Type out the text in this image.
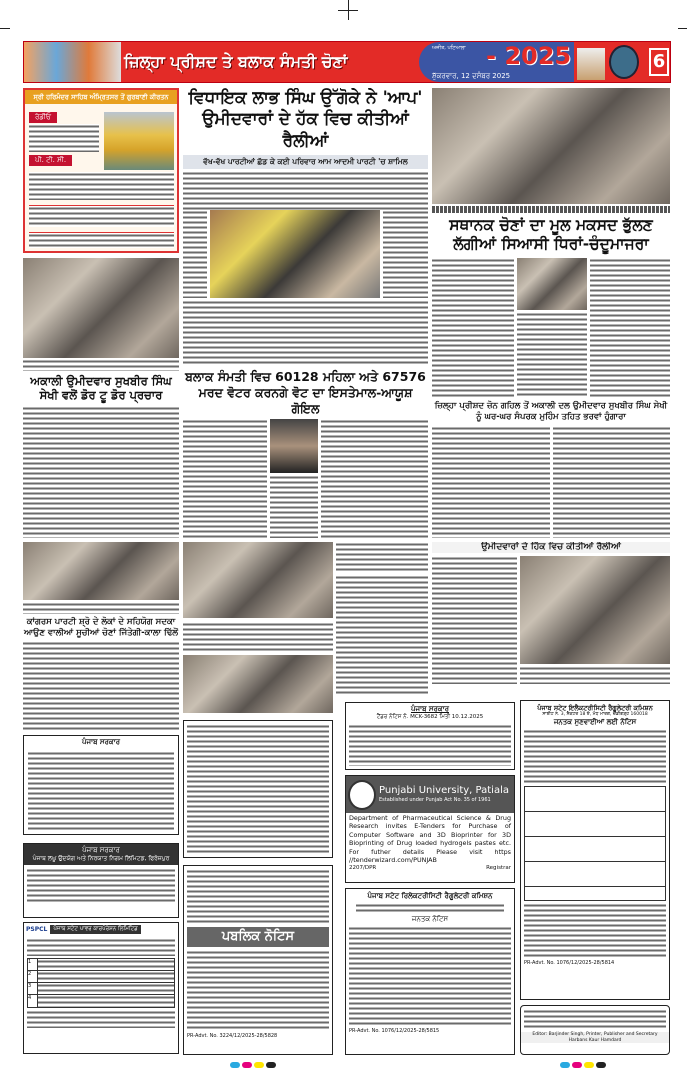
ਜ਼ਿਲ੍ਹਾ ਪ੍ਰੀਸ਼ਦ ਤੇ ਬਲਾਕ ਸੰਮਤੀ ਚੋਣਾਂ
ਅਜੀਤ, ਪਟਿਆਲਾ - 2025
ਸ਼ੁੱਕਰਵਾਰ, 12 ਦਸੰਬਰ 2025
6
ਸ੍ਰੀ ਹਰਿਮੰਦਰ ਸਾਹਿਬ ਅੰਮ੍ਰਿਤਸਰ ਤੋਂ ਗੁਰਬਾਣੀ ਕੀਰਤਨ
ਰੇਡੀਓ
ਪੀ. ਟੀ. ਸੀ.
ਅਕਾਲੀ ਉਮੀਦਵਾਰ ਸੁਖਬੀਰ ਸਿੰਘ ਸੇਖੀ ਵਲੋਂ ਡੋਰ ਟੂ ਡੋਰ ਪ੍ਰਚਾਰ
ਕਾਂਗਰਸ ਪਾਰਟੀ ਸ਼੍ਰੋ ਦੇ ਲੋਕਾਂ ਦੇ ਸਹਿਯੋਗ ਸਦਕਾ ਆਉਣ ਵਾਲੀਆਂ ਸੂਚੀਆਂ ਚੋਣਾਂ ਜਿੱਤੇਗੀ-ਕਾਲਾ ਢਿੱਲੋਂ
ਵਿਧਾਇਕ ਲਾਭ ਸਿੰਘ ਉੱਗੋਕੇ ਨੇ 'ਆਪ' ਉਮੀਦਵਾਰਾਂ ਦੇ ਹੱਕ ਵਿਚ ਕੀਤੀਆਂ ਰੈਲੀਆਂ
ਵੱਖ-ਵੱਖ ਪਾਰਟੀਆਂ ਛੱਡ ਕੇ ਕਈ ਪਰਿਵਾਰ ਆਮ ਆਦਮੀ ਪਾਰਟੀ 'ਚ ਸ਼ਾਮਿਲ
ਬਲਾਕ ਸੰਮਤੀ ਵਿਚ 60128 ਮਹਿਲਾ ਅਤੇ 67576 ਮਰਦ ਵੋਟਰ ਕਰਨਗੇ ਵੋਟ ਦਾ ਇਸਤੇਮਾਲ-ਆਯੂਸ਼ ਗੋਇਲ
ਸਥਾਨਕ ਚੋਣਾਂ ਦਾ ਮੂਲ ਮਕਸਦ ਭੁੱਲਣ ਲੱਗੀਆਂ ਸਿਆਸੀ ਧਿਰਾਂ-ਚੰਦੂਮਾਜਰਾ
ਜ਼ਿਲ੍ਹਾ ਪ੍ਰੀਸ਼ਦ ਜ਼ੋਨ ਗਹਿਲ ਤੋਂ ਅਕਾਲੀ ਦਲ ਉਮੀਦਵਾਰ ਸੁਖਬੀਰ ਸਿੰਘ ਸੇਖੀ ਨੂੰ ਘਰ-ਘਰ ਸੰਪਰਕ ਮੁਹਿੰਮ ਤਹਿਤ ਭਰਵਾਂ ਹੁੰਗਾਰਾ
ਉਮੀਦਵਾਰਾਂ ਦੇ ਹਿੱਕ ਵਿਚ ਕੀਤੀਆਂ ਰੈਲੀਆਂ
ਪੰਜਾਬ ਸਰਕਾਰ
ਪੰਜਾਬ ਸਰਕਾਰ
ਪੰਜਾਬ ਲਘੂ ਉਦਯੋਗ ਅਤੇ ਨਿਰਯਾਤ ਨਿਗਮ ਲਿਮਿਟਡ, ਫਿਰੋਜ਼ਪੁਰ
PSPCL	ਪੰਜਾਬ ਸਟੇਟ ਪਾਵਰ ਕਾਰਪੋਰੇਸ਼ਨ ਲਿਮਿਟਿਡ
1
2
3
4
ਪਬਲਿਕ ਨੋਟਿਸ
PR-Advt. No. 3224/12/2025-28/5828
ਪੰਜਾਬ ਸਰਕਾਰ
ਟੈਂਡਰ ਨੋਟਿਸ ਨੰ. MCK-3682 ਮਿਤੀ 10.12.2025
Punjabi University, Patiala
Established under Punjab Act No. 35 of 1961
Department of Pharmaceutical Science & Drug Research invites E-Tenders for Purchase of Computer Software and 3D Bioprinter for 3D Bioprinting of Drug loaded hydrogels pastes etc. For futher details Please visit https //tenderwizard.com/PUNJAB
2207/DPR	Registrar
ਪੰਜਾਬ ਸਟੇਟ ਰਿਲੇਕਟਰੀਸਿਟੀ ਰੈਗੂਲੇਟਰੀ ਕਮਿਸ਼ਨ
ਜਨਤਕ ਨੋਟਿਸ
PR-Advt. No. 1076/12/2025-28/5815
ਪੰਜਾਬ ਸਟੇਟ ਇਲੈਕਟਰੀਸਿਟੀ ਰੈਗੂਲੇਟਰੀ ਕਮਿਸ਼ਨ
ਸਾਈਟ ਨੰ. 3, ਸੈਕਟਰ 18 ਏ, ਮੱਧ ਮਾਰਗ, ਚੰਡੀਗੜ੍ਹ 160018
ਜਨਤਕ ਸੁਣਵਾਈਆਂ ਲਈ ਨੋਟਿਸ
PR-Advt. No. 1076/12/2025-28/5814
Editor: Barjinder Singh, Printer, Publisher and Secretary Harbans Kaur Hamdard
